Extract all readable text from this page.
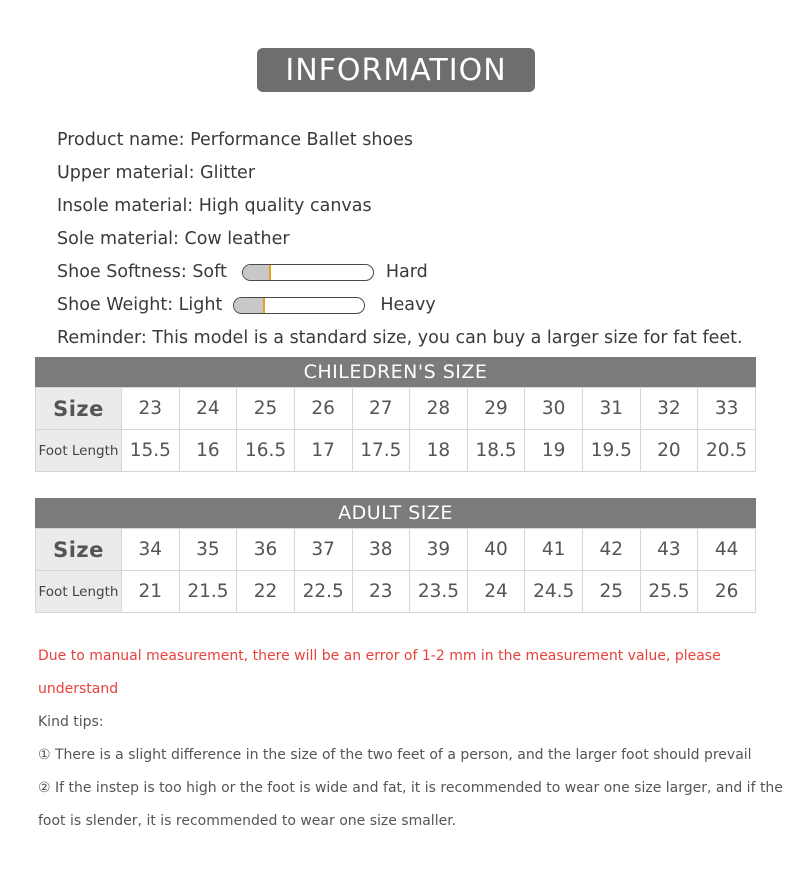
INFORMATION
Product name: Performance Ballet shoes
Upper material: Glitter
Insole material: High quality canvas
Sole material: Cow leather
Shoe Softness: Soft	Hard
Shoe Weight: Light	Heavy
Reminder: This model is a standard size, you can buy a larger size for fat feet.
CHILEDREN'S SIZE
Size	23	24	25	26	27	28	29	30	31	32	33
Foot Length	15.5	16	16.5	17	17.5	18	18.5	19	19.5	20	20.5
ADULT SIZE
Size	34	35	36	37	38	39	40	41	42	43	44
Foot Length	21	21.5	22	22.5	23	23.5	24	24.5	25	25.5	26
Due to manual measurement, there will be an error of 1-2 mm in the measurement value, please
understand
Kind tips:
① There is a slight difference in the size of the two feet of a person, and the larger foot should prevail
② If the instep is too high or the foot is wide and fat, it is recommended to wear one size larger, and if the
foot is slender, it is recommended to wear one size smaller.
